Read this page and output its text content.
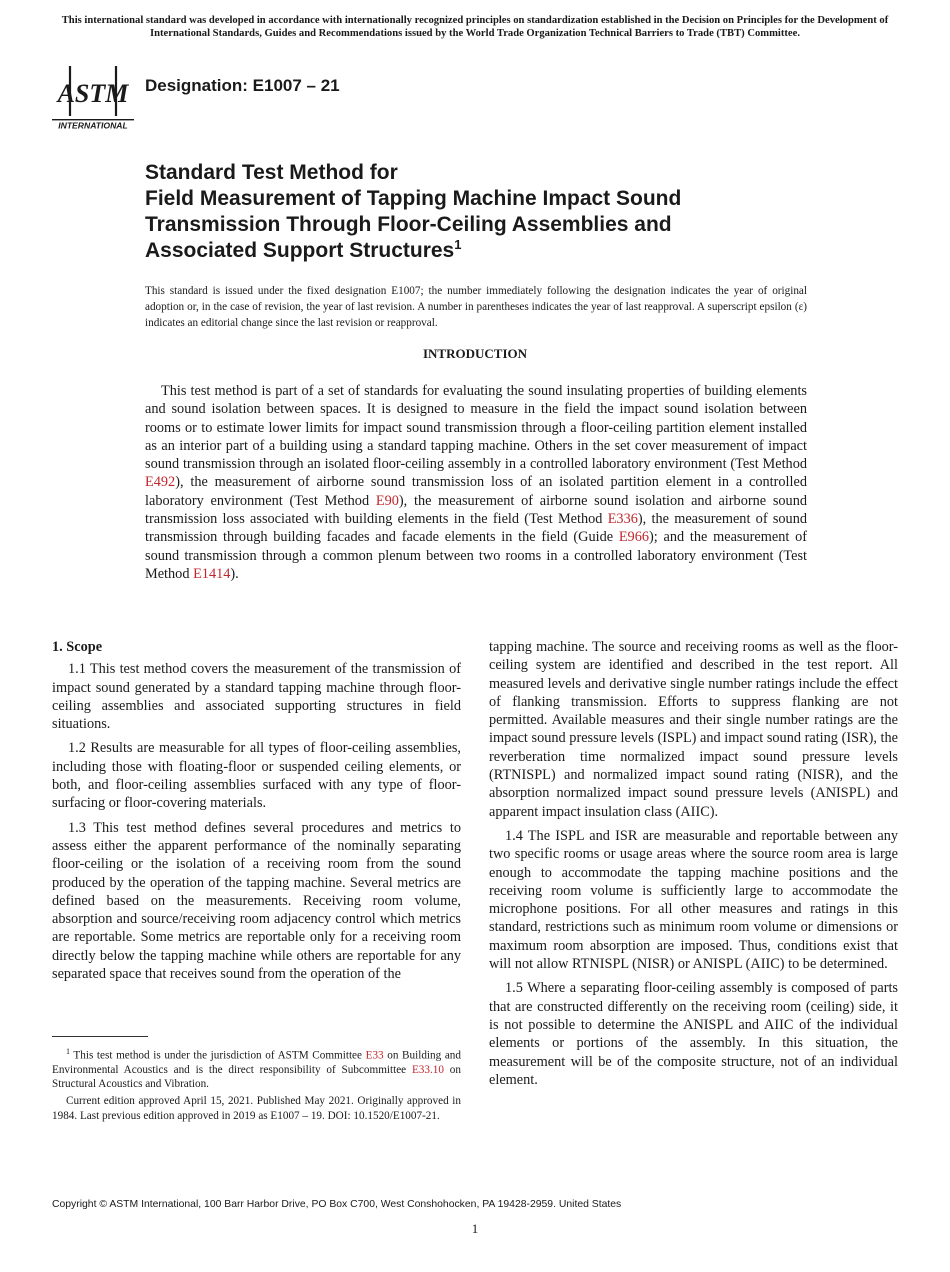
This international standard was developed in accordance with internationally recognized principles on standardization established in the Decision on Principles for the Development of International Standards, Guides and Recommendations issued by the World Trade Organization Technical Barriers to Trade (TBT) Committee.
ASTM
INTERNATIONAL
Designation: E1007 – 21
Standard Test Method for
Field Measurement of Tapping Machine Impact Sound
Transmission Through Floor-Ceiling Assemblies and
Associated Support Structures$^1$
This standard is issued under the fixed designation E1007; the number immediately following the designation indicates the year of original adoption or, in the case of revision, the year of last revision. A number in parentheses indicates the year of last reapproval. A superscript epsilon (ε) indicates an editorial change since the last revision or reapproval.
INTRODUCTION

This test method is part of a set of standards for evaluating the sound insulating properties of building elements and sound isolation between spaces. It is designed to measure in the field the impact sound isolation between rooms or to estimate lower limits for impact sound transmission through a floor-ceiling partition element installed as an interior part of a building using a standard tapping machine. Others in the set cover measurement of impact sound transmission through an isolated floor-ceiling assembly in a controlled laboratory environment (Test Method E492), the measurement of airborne sound transmission loss of an isolated partition element in a controlled laboratory environment (Test Method E90), the measurement of airborne sound isolation and airborne sound transmission loss associated with building elements in the field (Test Method E336), the measurement of sound transmission through building facades and facade elements in the field (Guide E966); and the measurement of sound transmission through a common plenum between two rooms in a controlled laboratory environment (Test Method E1414).

1. Scope

1.1 This test method covers the measurement of the transmission of impact sound generated by a standard tapping machine through floor-ceiling assemblies and associated supporting structures in field situations.

1.2 Results are measurable for all types of floor-ceiling assemblies, including those with floating-floor or suspended ceiling elements, or both, and floor-ceiling assemblies surfaced with any type of floor-surfacing or floor-covering materials.

1.3 This test method defines several procedures and metrics to assess either the apparent performance of the nominally separating floor-ceiling or the isolation of a receiving room from the sound produced by the operation of the tapping machine. Several metrics are defined based on the measurements. Receiving room volume, absorption and source/receiving room adjacency control which metrics are reportable. Some metrics are reportable only for a receiving room directly below the tapping machine while others are reportable for any separated space that receives sound from the operation of the

tapping machine. The source and receiving rooms as well as the floor-ceiling system are identified and described in the test report. All measured levels and derivative single number ratings include the effect of flanking transmission. Efforts to suppress flanking are not permitted. Available measures and their single number ratings are the impact sound pressure levels (ISPL) and impact sound rating (ISR), the reverberation time normalized impact sound pressure levels (RTNISPL) and normalized impact sound rating (NISR), and the absorption normalized impact sound pressure levels (ANISPL) and apparent impact insulation class (AIIC).

1.4 The ISPL and ISR are measurable and reportable between any two specific rooms or usage areas where the source room area is large enough to accommodate the tapping machine positions and the receiving room volume is sufficiently large to accommodate the microphone positions. For all other measures and ratings in this standard, restrictions such as minimum room volume or dimensions or maximum room absorption are imposed. Thus, conditions exist that will not allow RTNISPL (NISR) or ANISPL (AIIC) to be determined.

1.5 Where a separating floor-ceiling assembly is composed of parts that are constructed differently on the receiving room (ceiling) side, it is not possible to determine the ANISPL and AIIC of the individual elements or portions of the assembly. In this situation, the measurement will be of the composite structure, not of an individual element.

$^1$ This test method is under the jurisdiction of ASTM Committee E33 on Building and Environmental Acoustics and is the direct responsibility of Subcommittee E33.10 on Structural Acoustics and Vibration.

Current edition approved April 15, 2021. Published May 2021. Originally approved in 1984. Last previous edition approved in 2019 as E1007 – 19. DOI: 10.1520/E1007-21.

Copyright © ASTM International, 100 Barr Harbor Drive, PO Box C700, West Conshohocken, PA 19428-2959. United States
1
